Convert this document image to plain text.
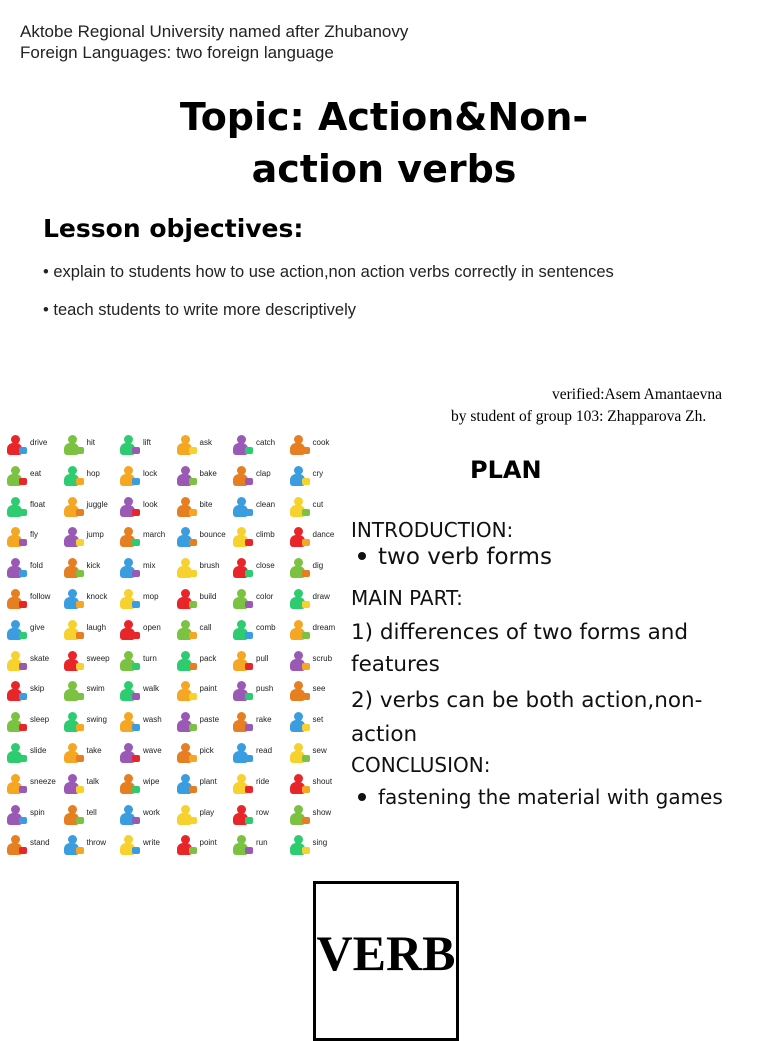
Aktobe Regional University named after Zhubanovy
Foreign Languages: two foreign language
Topic: Action&Non-
action verbs
Lesson objectives:
• explain to students how to use action,non action verbs correctly in sentences
• teach students to write more descriptively
verified:Asem Amantaevna
by student of group 103: Zhapparova Zh.
drive	hit	lift	ask	catch	cook
eat	hop	lock	bake	clap	cry
float	juggle	look	bite	clean	cut
fly	jump	march	bounce	climb	dance
fold	kick	mix	brush	close	dig
follow	knock	mop	build	color	draw
give	laugh	open	call	comb	dream
skate	sweep	turn	pack	pull	scrub
skip	swim	walk	paint	push	see
sleep	swing	wash	paste	rake	set
slide	take	wave	pick	read	sew
sneeze	talk	wipe	plant	ride	shout
spin	tell	work	play	row	show
stand	throw	write	point	run	sing
PLAN
INTRODUCTION:
two verb forms
MAIN PART:
1) differences of two forms and features
2) verbs can be both action,non-action
CONCLUSION:
fastening the material with games
VERB
